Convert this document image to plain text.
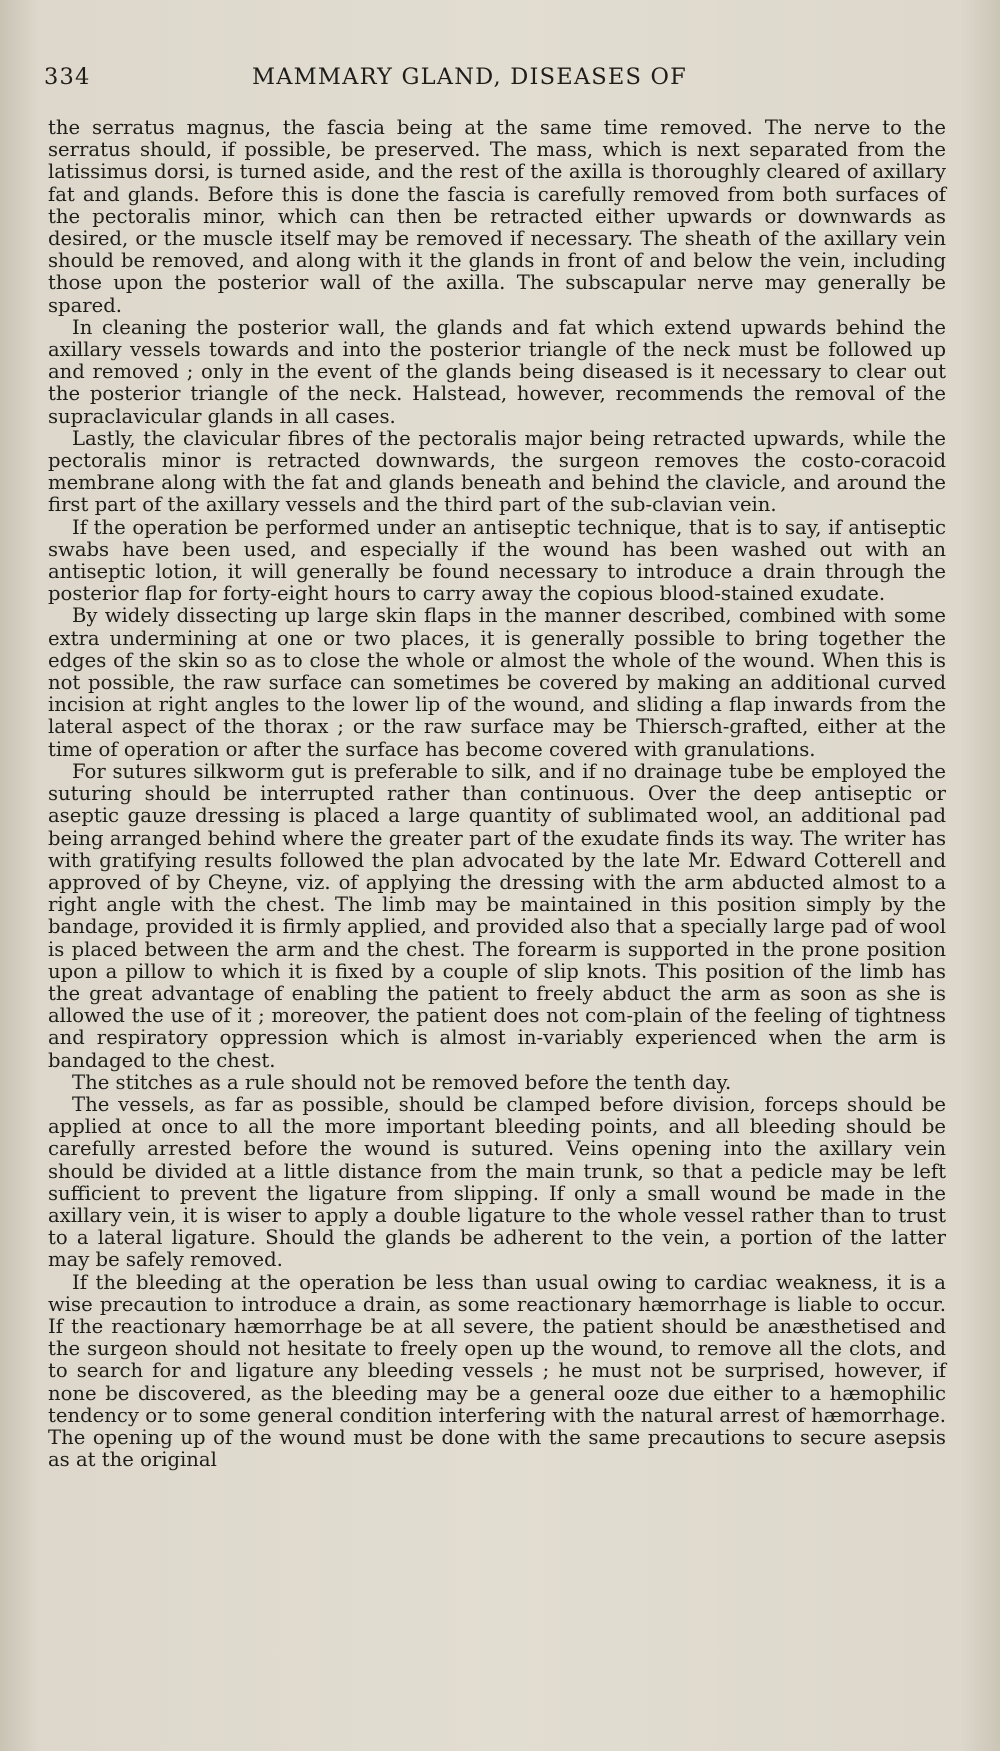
334	MAMMARY GLAND, DISEASES OF

the serratus magnus, the fascia being at the same time removed. The nerve to the serratus should, if possible, be preserved. The mass, which is next separated from the latissimus dorsi, is turned aside, and the rest of the axilla is thoroughly cleared of axillary fat and glands. Before this is done the fascia is carefully removed from both surfaces of the pectoralis minor, which can then be retracted either upwards or downwards as desired, or the muscle itself may be removed if necessary. The sheath of the axillary vein should be removed, and along with it the glands in front of and below the vein, including those upon the posterior wall of the axilla. The subscapular nerve may generally be spared.

In cleaning the posterior wall, the glands and fat which extend upwards behind the axillary vessels towards and into the posterior triangle of the neck must be followed up and removed ; only in the event of the glands being diseased is it necessary to clear out the posterior triangle of the neck. Halstead, however, recommends the removal of the supraclavicular glands in all cases.

Lastly, the clavicular fibres of the pectoralis major being retracted upwards, while the pectoralis minor is retracted downwards, the surgeon removes the costo-coracoid membrane along with the fat and glands beneath and behind the clavicle, and around the first part of the axillary vessels and the third part of the sub-clavian vein.

If the operation be performed under an antiseptic technique, that is to say, if antiseptic swabs have been used, and especially if the wound has been washed out with an antiseptic lotion, it will generally be found necessary to introduce a drain through the posterior flap for forty-eight hours to carry away the copious blood-stained exudate.

By widely dissecting up large skin flaps in the manner described, combined with some extra undermining at one or two places, it is generally possible to bring together the edges of the skin so as to close the whole or almost the whole of the wound. When this is not possible, the raw surface can sometimes be covered by making an additional curved incision at right angles to the lower lip of the wound, and sliding a flap inwards from the lateral aspect of the thorax ; or the raw surface may be Thiersch-grafted, either at the time of operation or after the surface has become covered with granulations.

For sutures silkworm gut is preferable to silk, and if no drainage tube be employed the suturing should be interrupted rather than continuous. Over the deep antiseptic or aseptic gauze dressing is placed a large quantity of sublimated wool, an additional pad being arranged behind where the greater part of the exudate finds its way. The writer has with gratifying results followed the plan advocated by the late Mr. Edward Cotterell and approved of by Cheyne, viz. of applying the dressing with the arm abducted almost to a right angle with the chest. The limb may be maintained in this position simply by the bandage, provided it is firmly applied, and provided also that a specially large pad of wool is placed between the arm and the chest. The forearm is supported in the prone position upon a pillow to which it is fixed by a couple of slip knots. This position of the limb has the great advantage of enabling the patient to freely abduct the arm as soon as she is allowed the use of it ; moreover, the patient does not com-plain of the feeling of tightness and respiratory oppression which is almost in-variably experienced when the arm is bandaged to the chest.

The stitches as a rule should not be removed before the tenth day.

The vessels, as far as possible, should be clamped before division, forceps should be applied at once to all the more important bleeding points, and all bleeding should be carefully arrested before the wound is sutured. Veins opening into the axillary vein should be divided at a little distance from the main trunk, so that a pedicle may be left sufficient to prevent the ligature from slipping. If only a small wound be made in the axillary vein, it is wiser to apply a double ligature to the whole vessel rather than to trust to a lateral ligature. Should the glands be adherent to the vein, a portion of the latter may be safely removed.

If the bleeding at the operation be less than usual owing to cardiac weakness, it is a wise precaution to introduce a drain, as some reactionary hæmorrhage is liable to occur. If the reactionary hæmorrhage be at all severe, the patient should be anæsthetised and the surgeon should not hesitate to freely open up the wound, to remove all the clots, and to search for and ligature any bleeding vessels ; he must not be surprised, however, if none be discovered, as the bleeding may be a general ooze due either to a hæmophilic tendency or to some general condition interfering with the natural arrest of hæmorrhage. The opening up of the wound must be done with the same precautions to secure asepsis as at the original
